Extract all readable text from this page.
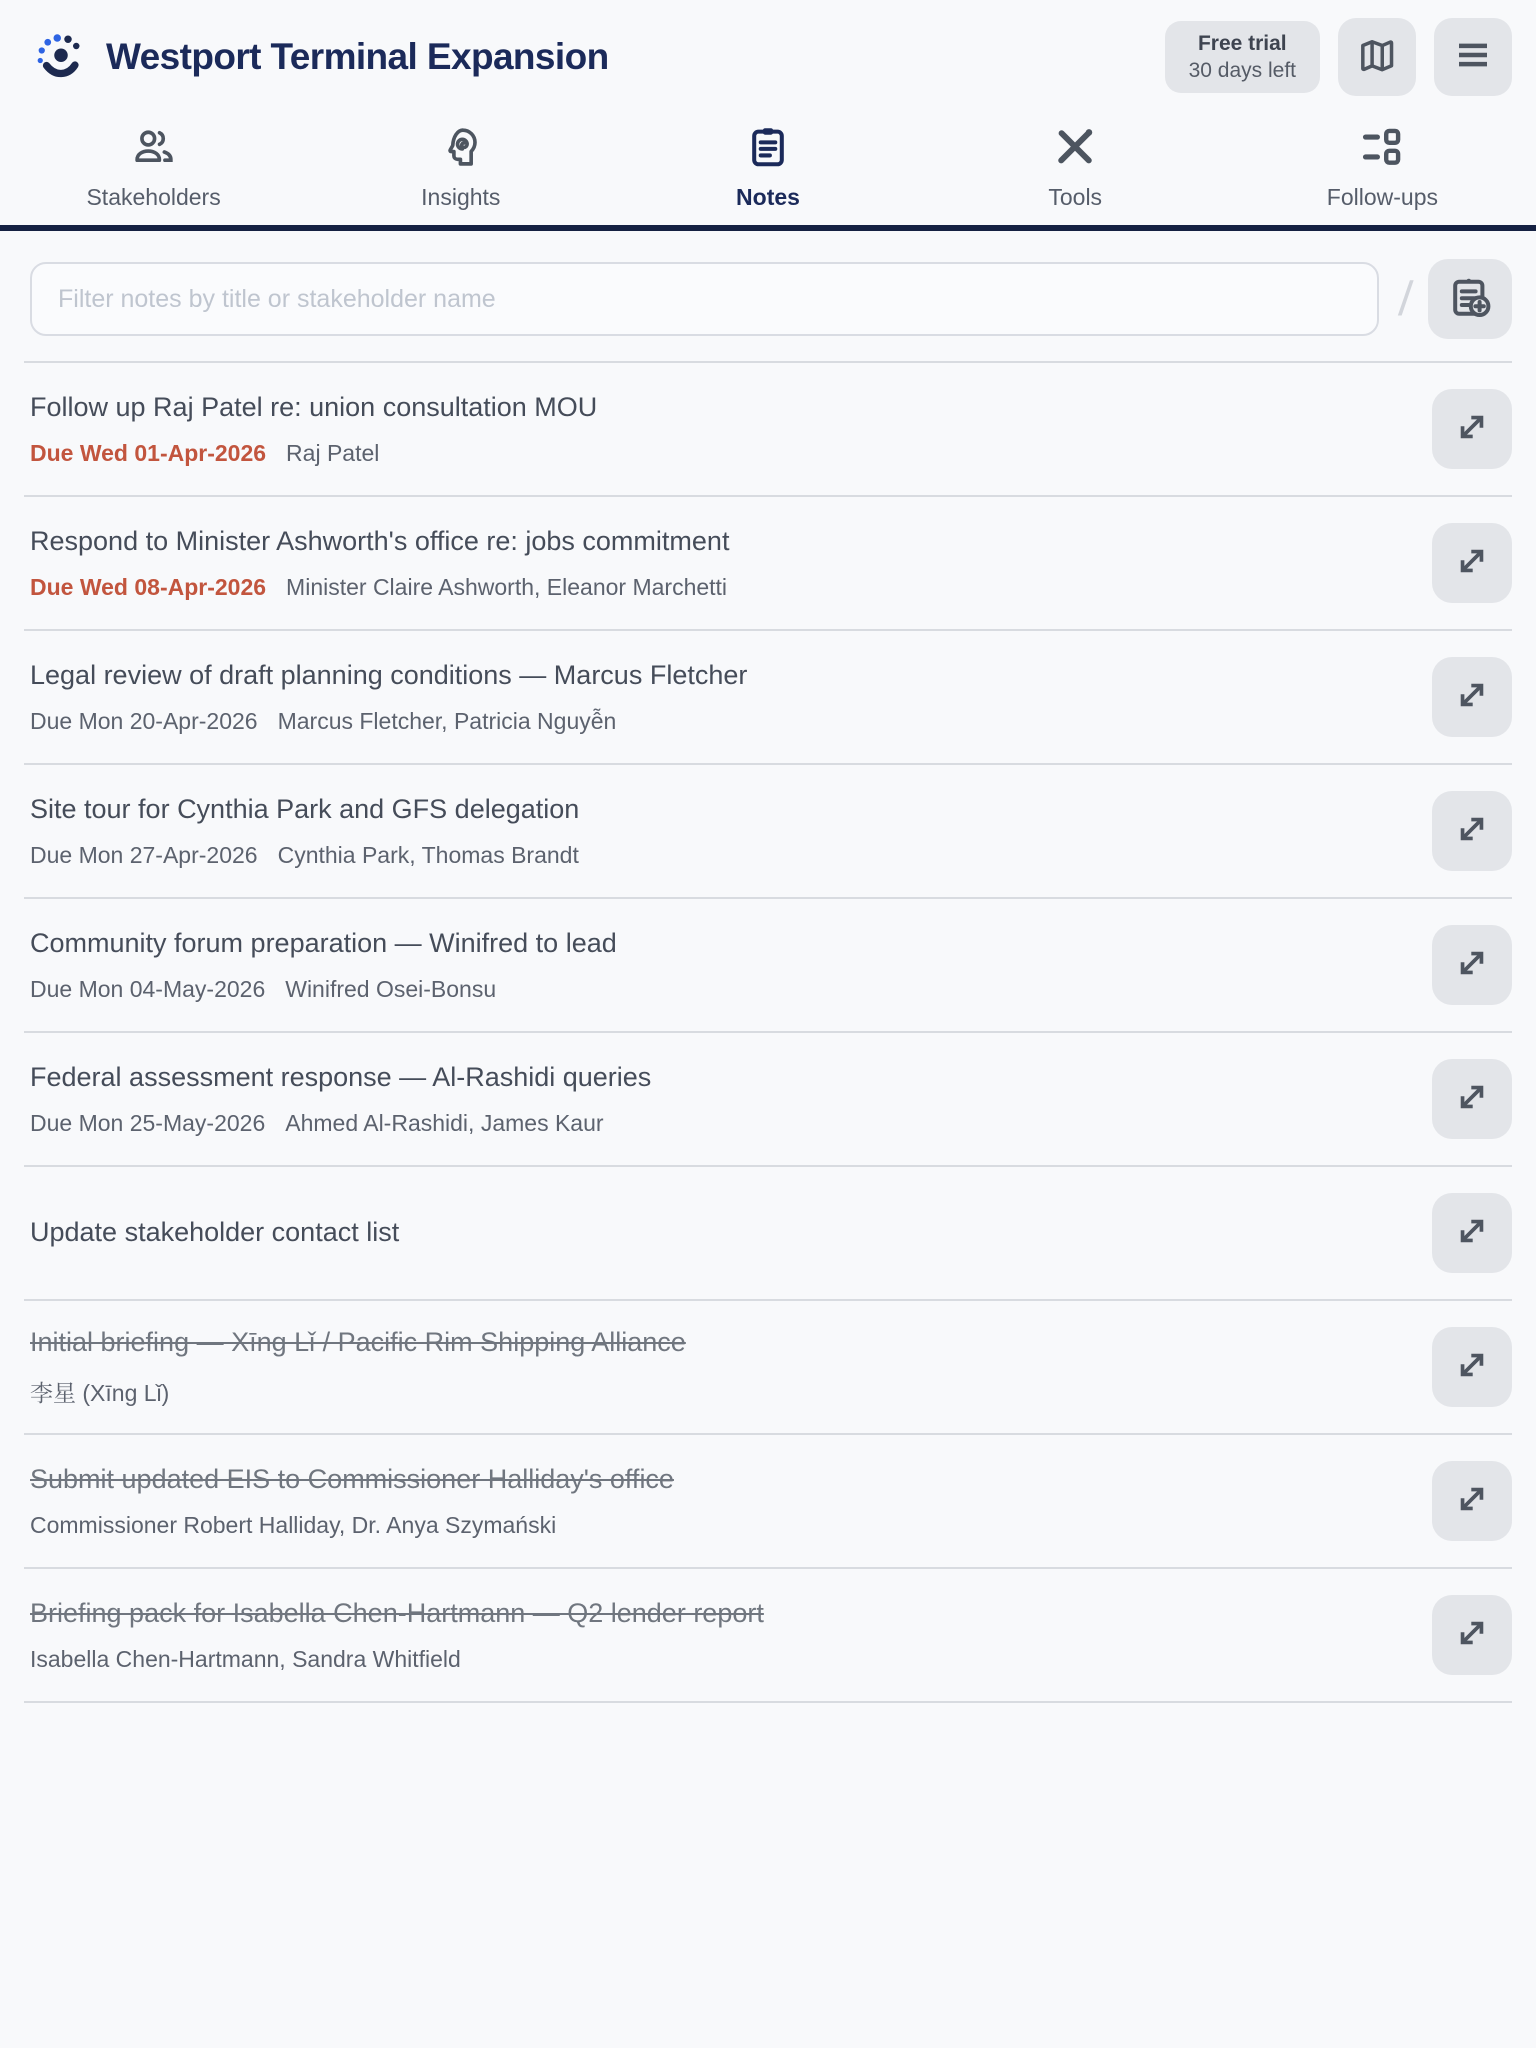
Westport Terminal Expansion	Free trial
30 days left
Stakeholders	Insights	Notes	Tools	Follow-ups
Filter notes by title or stakeholder name
/
Follow up Raj Patel re: union consultation MOU
Due Wed 01-Apr-2026 Raj Patel
Respond to Minister Ashworth's office re: jobs commitment
Due Wed 08-Apr-2026 Minister Claire Ashworth, Eleanor Marchetti
Legal review of draft planning conditions — Marcus Fletcher
Due Mon 20-Apr-2026 Marcus Fletcher, Patricia Nguyễn
Site tour for Cynthia Park and GFS delegation
Due Mon 27-Apr-2026 Cynthia Park, Thomas Brandt
Community forum preparation — Winifred to lead
Due Mon 04-May-2026 Winifred Osei-Bonsu
Federal assessment response — Al-Rashidi queries
Due Mon 25-May-2026 Ahmed Al-Rashidi, James Kaur
Update stakeholder contact list
Initial briefing — Xīng Lǐ / Pacific Rim Shipping Alliance
李星 (Xīng Lǐ)
Submit updated EIS to Commissioner Halliday's office
Commissioner Robert Halliday, Dr. Anya Szymański
Briefing pack for Isabella Chen-Hartmann — Q2 lender report
Isabella Chen-Hartmann, Sandra Whitfield
